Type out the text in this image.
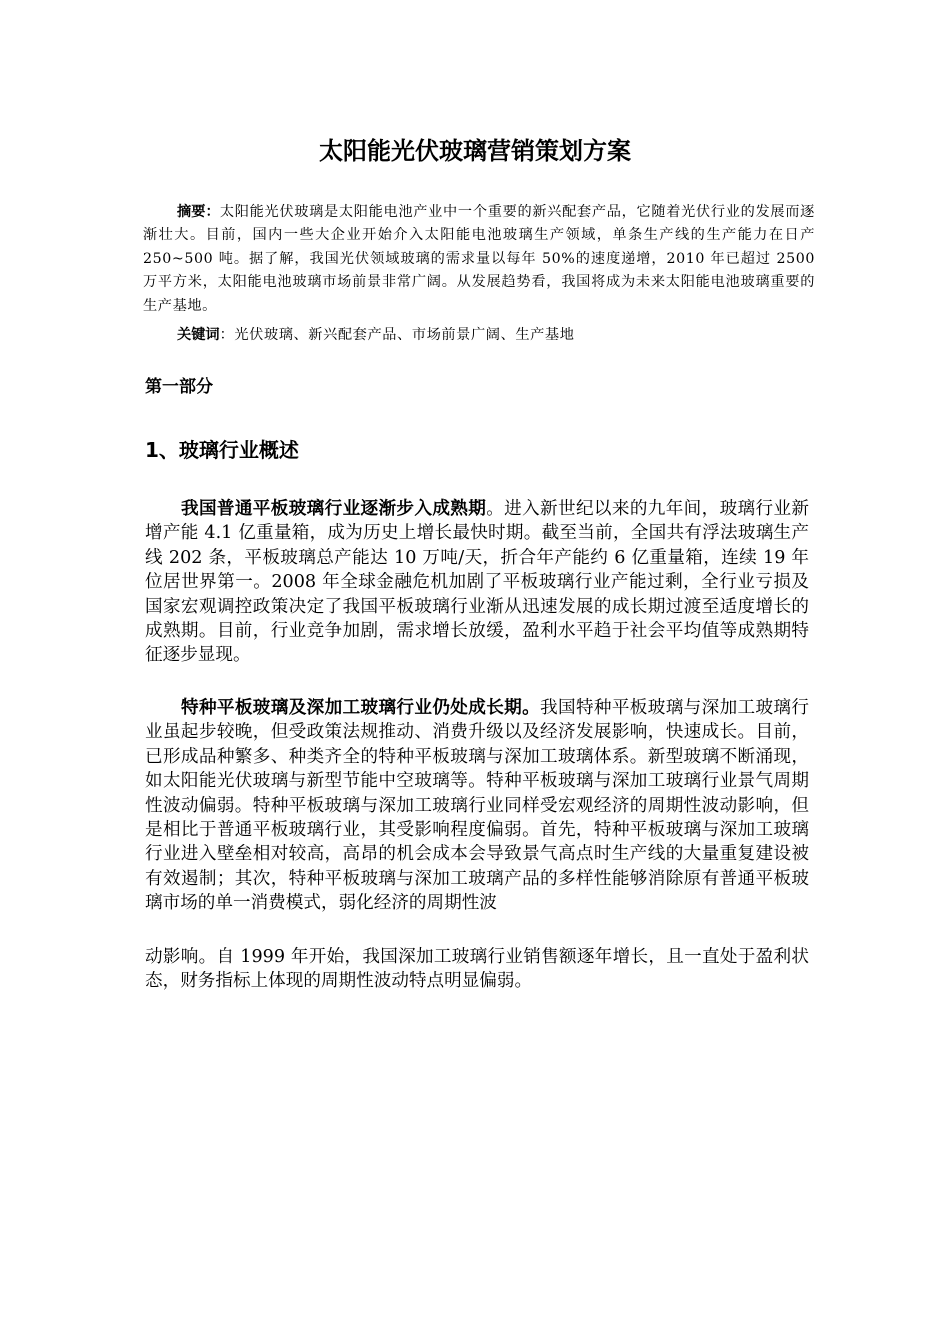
太阳能光伏玻璃营销策划方案

摘要：太阳能光伏玻璃是太阳能电池产业中一个重要的新兴配套产品，它随着光伏行业的发展而逐渐壮大。目前，国内一些大企业开始介入太阳能电池玻璃生产领域，单条生产线的生产能力在日产 250~500 吨。据了解，我国光伏领域玻璃的需求量以每年 50%的速度递增，2010 年已超过 2500 万平方米，太阳能电池玻璃市场前景非常广阔。从发展趋势看，我国将成为未来太阳能电池玻璃重要的生产基地。

关键词：光伏玻璃、新兴配套产品、市场前景广阔、生产基地

第一部分
1、玻璃行业概述

我国普通平板玻璃行业逐渐步入成熟期。进入新世纪以来的九年间，玻璃行业新增产能 4.1 亿重量箱，成为历史上增长最快时期。截至当前，全国共有浮法玻璃生产线 202 条，平板玻璃总产能达 10 万吨/天，折合年产能约 6 亿重量箱，连续 19 年位居世界第一。2008 年全球金融危机加剧了平板玻璃行业产能过剩，全行业亏损及国家宏观调控政策决定了我国平板玻璃行业渐从迅速发展的成长期过渡至适度增长的成熟期。目前，行业竞争加剧，需求增长放缓，盈利水平趋于社会平均值等成熟期特征逐步显现。

特种平板玻璃及深加工玻璃行业仍处成长期。我国特种平板玻璃与深加工玻璃行业虽起步较晚，但受政策法规推动、消费升级以及经济发展影响，快速成长。目前，已形成品种繁多、种类齐全的特种平板玻璃与深加工玻璃体系。新型玻璃不断涌现，如太阳能光伏玻璃与新型节能中空玻璃等。特种平板玻璃与深加工玻璃行业景气周期性波动偏弱。特种平板玻璃与深加工玻璃行业同样受宏观经济的周期性波动影响，但是相比于普通平板玻璃行业，其受影响程度偏弱。首先，特种平板玻璃与深加工玻璃行业进入壁垒相对较高，高昂的机会成本会导致景气高点时生产线的大量重复建设被有效遏制；其次，特种平板玻璃与深加工玻璃产品的多样性能够消除原有普通平板玻璃市场的单一消费模式，弱化经济的周期性波

动影响。自 1999 年开始，我国深加工玻璃行业销售额逐年增长，且一直处于盈利状态，财务指标上体现的周期性波动特点明显偏弱。
